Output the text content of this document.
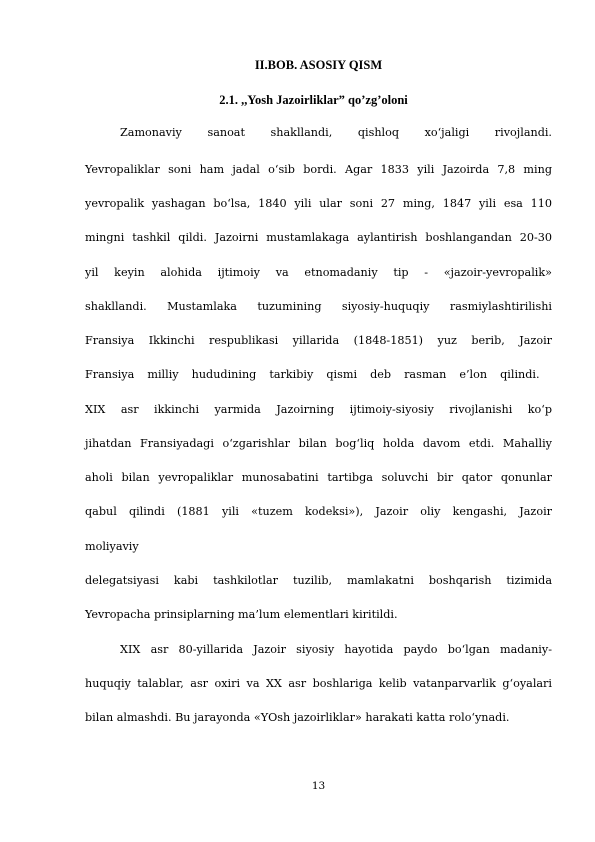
II.BOB. ASOSIY QISM
2.1. ,,Yosh Jazoirliklar” qo’zg’oloni
Zamonaviy sanoat shakllandi, qishloq xo‘jaligi rivojlandi.
Yevropaliklar soni ham jadal o‘sib bordi. Agar 1833 yili Jazoirda 7,8 ming
yevropalik yashagan bo‘lsa, 1840 yili ular soni 27 ming, 1847 yili esa 110
mingni tashkil qildi. Jazoirni mustamlakaga aylantirish boshlangandan 20-30
yil keyin alohida ijtimoiy va etnomadaniy tip - «jazoir-yevropalik»
shakllandi. Mustamlaka tuzumining siyosiy-huquqiy rasmiylashtirilishi
Fransiya Ikkinchi respublikasi yillarida (1848-1851) yuz berib, Jazoir
Fransiya milliy hududining tarkibiy qismi deb rasman e’lon qilindi.
XIX asr ikkinchi yarmida Jazoirning ijtimoiy-siyosiy rivojlanishi ko‘p
jihatdan Fransiyadagi o‘zgarishlar bilan bog‘liq holda davom etdi. Mahalliy
aholi bilan yevropaliklar munosabatini tartibga soluvchi bir qator qonunlar
qabul qilindi (1881 yili «tuzem kodeksi»), Jazoir oliy kengashi, Jazoir
moliyaviy
delegatsiyasi kabi tashkilotlar tuzilib, mamlakatni boshqarish tizimida
Yevropacha prinsiplarning ma’lum elementlari kiritildi.
XIX asr 80-yillarida Jazoir siyosiy hayotida paydo bo‘lgan madaniy-
huquqiy talablar, asr oxiri va XX asr boshlariga kelib vatanparvarlik g‘oyalari
bilan almashdi. Bu jarayonda «YOsh jazoirliklar» harakati katta rolo‘ynadi.
13
